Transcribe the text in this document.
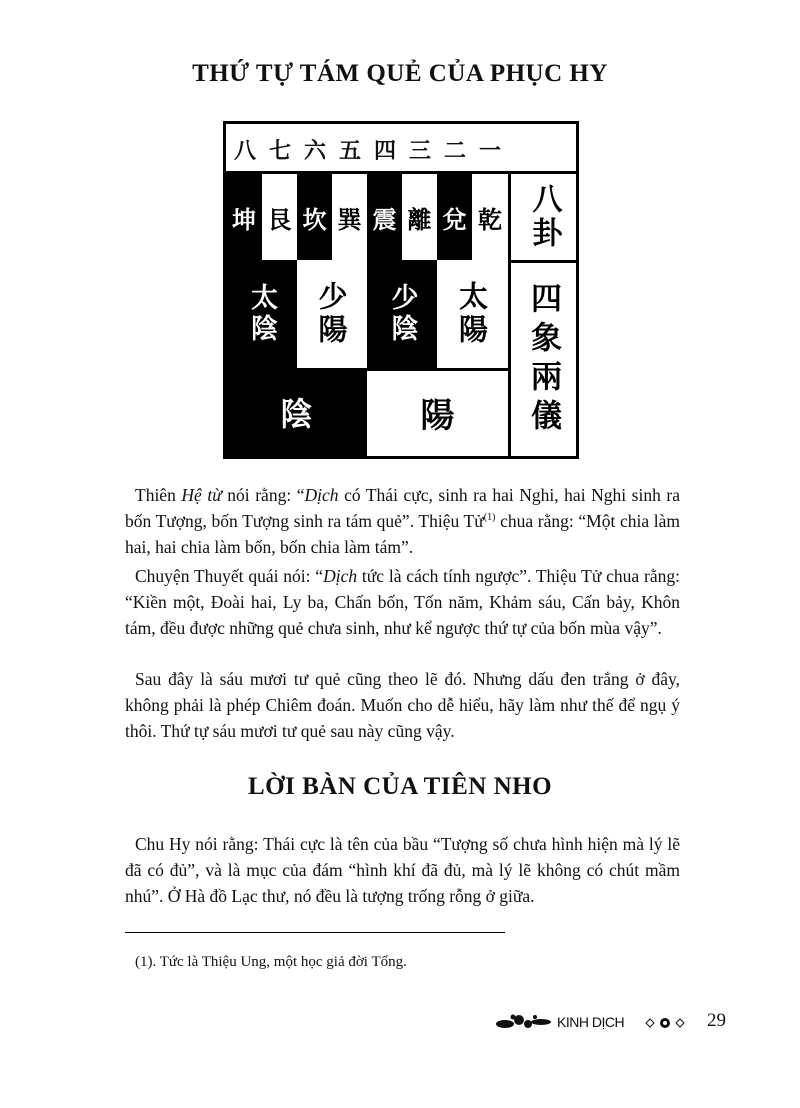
THỨ TỰ TÁM QUẺ CỦA PHỤC HY
八 七 六 五 四 三 二 一
坤 艮 坎 巽 震 離 兌 乾
太陰	少陽	少陰	太陽
陰	陽
八卦
四象兩儀

Thiên Hệ từ nói rằng: “Dịch có Thái cực, sinh ra hai Nghi, hai Nghi sinh ra bốn Tượng, bốn Tượng sinh ra tám quẻ”. Thiệu Tử$^{(1)}$ chua rằng: “Một chia làm hai, hai chia làm bốn, bốn chia làm tám”.

Chuyện Thuyết quái nói: “Dịch tức là cách tính ngược”. Thiệu Tử chua rằng: “Kiền một, Đoài hai, Ly ba, Chấn bốn, Tốn năm, Khảm sáu, Cấn bảy, Khôn tám, đều được những quẻ chưa sinh, như kể ngược thứ tự của bốn mùa vậy”.

Sau đây là sáu mươi tư quẻ cũng theo lẽ đó. Nhưng dấu đen trắng ở đây, không phải là phép Chiêm đoán. Muốn cho dễ hiểu, hãy làm như thế để ngụ ý thôi. Thứ tự sáu mươi tư quẻ sau này cũng vậy.

LỜI BÀN CỦA TIÊN NHO

Chu Hy nói rằng: Thái cực là tên của bầu “Tượng số chưa hình hiện mà lý lẽ đã có đủ”, và là mục của đám “hình khí đã đủ, mà lý lẽ không có chút mầm nhú”. Ở Hà đồ Lạc thư, nó đều là tượng trống rỗng ở giữa.

(1). Tức là Thiệu Ung, một học giả đời Tống.
KINH DỊCH	29
